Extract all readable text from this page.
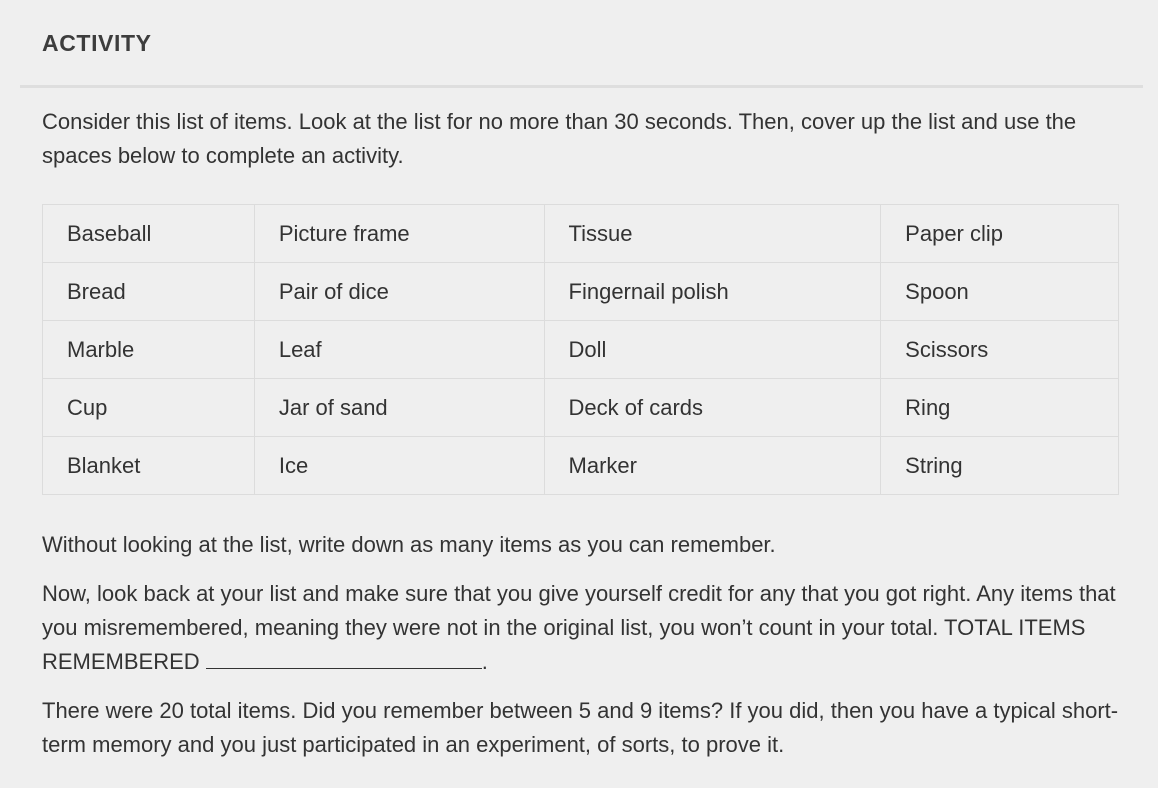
ACTIVITY

Consider this list of items. Look at the list for no more than 30 seconds. Then, cover up the list and use the spaces below to complete an activity.

Baseball	Picture frame	Tissue	Paper clip
Bread	Pair of dice	Fingernail polish	Spoon
Marble	Leaf	Doll	Scissors
Cup	Jar of sand	Deck of cards	Ring
Blanket	Ice	Marker	String

Without looking at the list, write down as many items as you can remember.

Now, look back at your list and make sure that you give yourself credit for any that you got right. Any items that you misremembered, meaning they were not in the original list, you won’t count in your total. TOTAL ITEMS REMEMBERED	.

There were 20 total items. Did you remember between 5 and 9 items? If you did, then you have a typical short-term memory and you just participated in an experiment, of sorts, to prove it.
